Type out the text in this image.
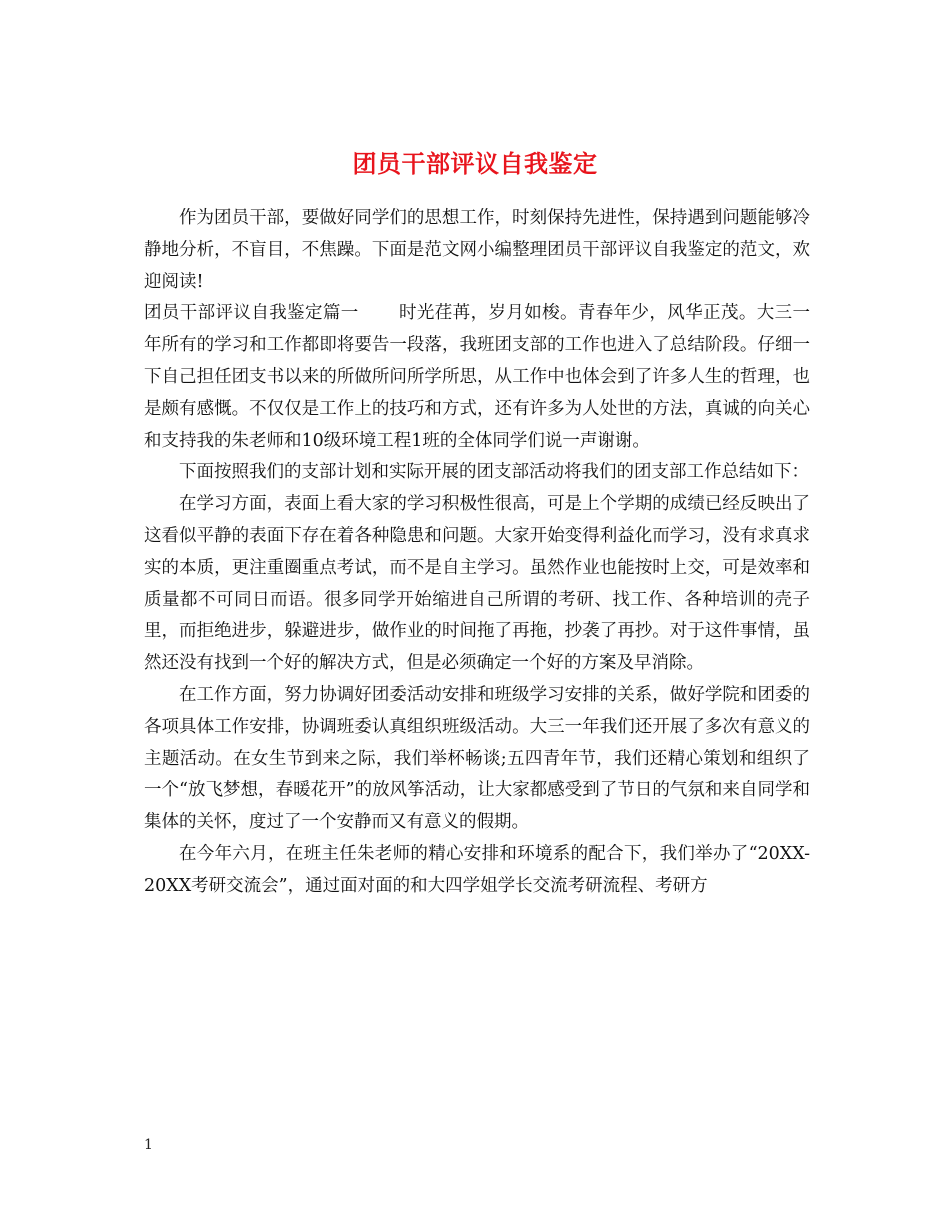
团员干部评议自我鉴定

作为团员干部，要做好同学们的思想工作，时刻保持先进性，保持遇到问题能够冷静地分析，不盲目，不焦躁。下面是范文网小编整理团员干部评议自我鉴定的范文，欢迎阅读!

团员干部评议自我鉴定篇一 时光荏苒，岁月如梭。青春年少，风华正茂。大三一年所有的学习和工作都即将要告一段落，我班团支部的工作也进入了总结阶段。仔细一下自己担任团支书以来的所做所问所学所思，从工作中也体会到了许多人生的哲理，也是颇有感慨。不仅仅是工作上的技巧和方式，还有许多为人处世的方法，真诚的向关心和支持我的朱老师和10级环境工程1班的全体同学们说一声谢谢。

下面按照我们的支部计划和实际开展的团支部活动将我们的团支部工作总结如下：

在学习方面，表面上看大家的学习积极性很高，可是上个学期的成绩已经反映出了这看似平静的表面下存在着各种隐患和问题。大家开始变得利益化而学习，没有求真求实的本质，更注重圈重点考试，而不是自主学习。虽然作业也能按时上交，可是效率和质量都不可同日而语。很多同学开始缩进自己所谓的考研、找工作、各种培训的壳子里，而拒绝进步，躲避进步，做作业的时间拖了再拖，抄袭了再抄。对于这件事情，虽然还没有找到一个好的解决方式，但是必须确定一个好的方案及早消除。

在工作方面，努力协调好团委活动安排和班级学习安排的关系，做好学院和团委的各项具体工作安排，协调班委认真组织班级活动。大三一年我们还开展了多次有意义的主题活动。在女生节到来之际，我们举杯畅谈;五四青年节，我们还精心策划和组织了一个“放飞梦想，春暖花开”的放风筝活动，让大家都感受到了节日的气氛和来自同学和集体的关怀，度过了一个安静而又有意义的假期。

在今年六月，在班主任朱老师的精心安排和环境系的配合下，我们举办了“20XX-20XX考研交流会”，通过面对面的和大四学姐学长交流考研流程、考研方

1
